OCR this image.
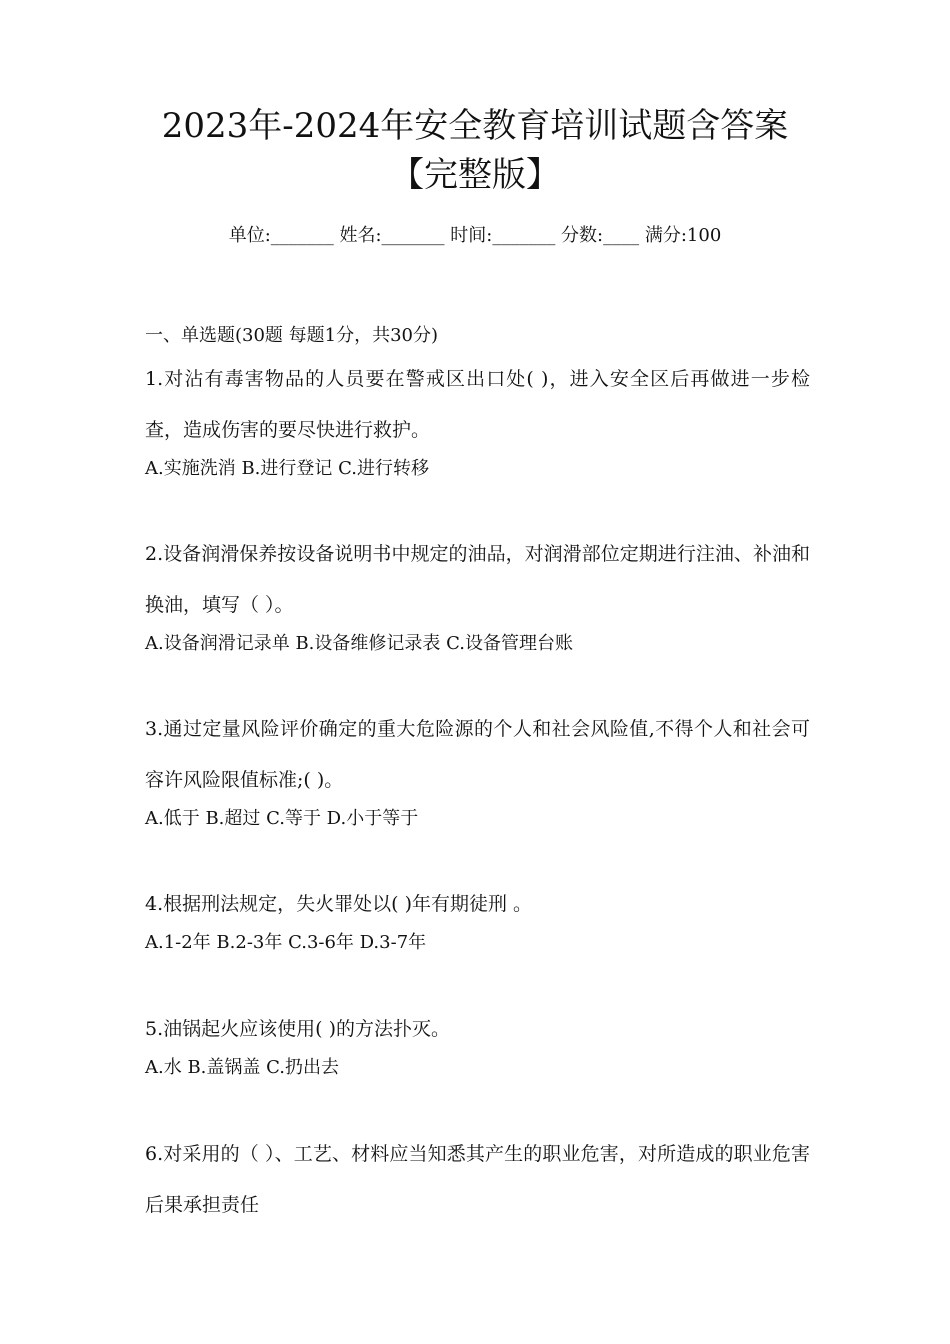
2023年-2024年安全教育培训试题含答案
【完整版】
单位:_______ 姓名:_______ 时间:_______ 分数:____ 满分:100
一、单选题(30题 每题1分，共30分)
1.对沾有毒害物品的人员要在警戒区出口处( )，进入安全区后再做进一步检查，造成伤害的要尽快进行救护。
A.实施洗消 B.进行登记 C.进行转移
2.设备润滑保养按设备说明书中规定的油品，对润滑部位定期进行注油、补油和换油，填写（ ）。
A.设备润滑记录单 B.设备维修记录表 C.设备管理台账
3.通过定量风险评价确定的重大危险源的个人和社会风险值,不得个人和社会可容许风险限值标准;( )。
A.低于 B.超过 C.等于 D.小于等于
4.根据刑法规定，失火罪处以( )年有期徒刑 。
A.1-2年 B.2-3年 C.3-6年 D.3-7年
5.油锅起火应该使用( )的方法扑灭。
A.水 B.盖锅盖 C.扔出去
6.对采用的（ ）、工艺、材料应当知悉其产生的职业危害，对所造成的职业危害后果承担责任
